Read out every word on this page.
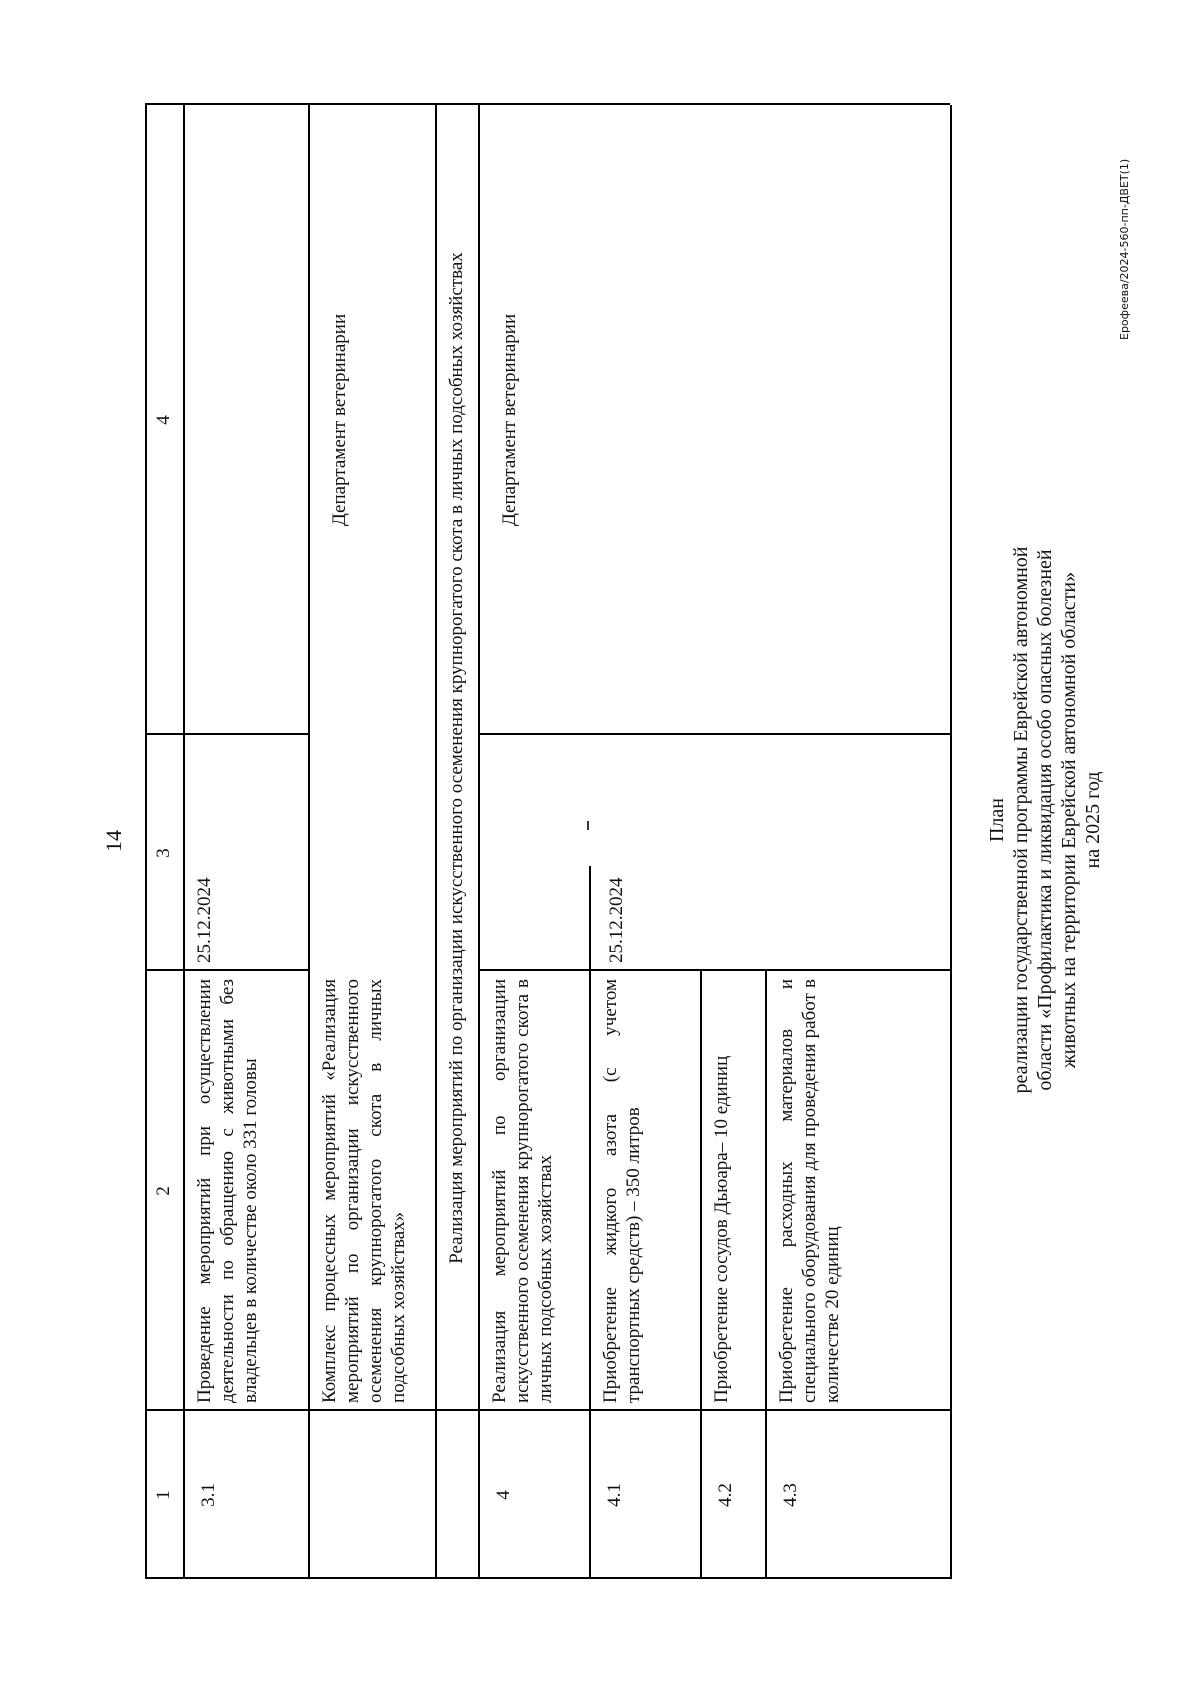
14
1
2
3
4
3.1
Проведение мероприятий при осуществлении деятельности по обращению с животными без владельцев в количестве около 331 головы
25.12.2024
Комплекс процессных мероприятий «Реализация мероприятий по организации искусственного осеменения крупнорогатого скота в личных подсобных хозяйствах»
Департамент ветеринарии	Реализация мероприятий по организации искусственного осеменения крупнорогатого скота в личных подсобных хозяйствах
4
Реализация мероприятий по организации искусственного осеменения крупнорогатого скота в личных подсобных хозяйствах
Департамент ветеринарии
4.1
Приобретение жидкого азота (с учетом транспортных средств) – 350 литров
25.12.2024
4.2
Приобретение сосудов Дьюара– 10 единиц
4.3
Приобретение расходных материалов и специального оборудования для проведения работ в количестве 20 единиц
План реализации государственной программы Еврейской автономной области «Профилактика и ликвидация особо опасных болезней животных на территории Еврейской автономной области» на 2025 год
Ерофеева/2024-560-пп-ДВЕТ(1)
